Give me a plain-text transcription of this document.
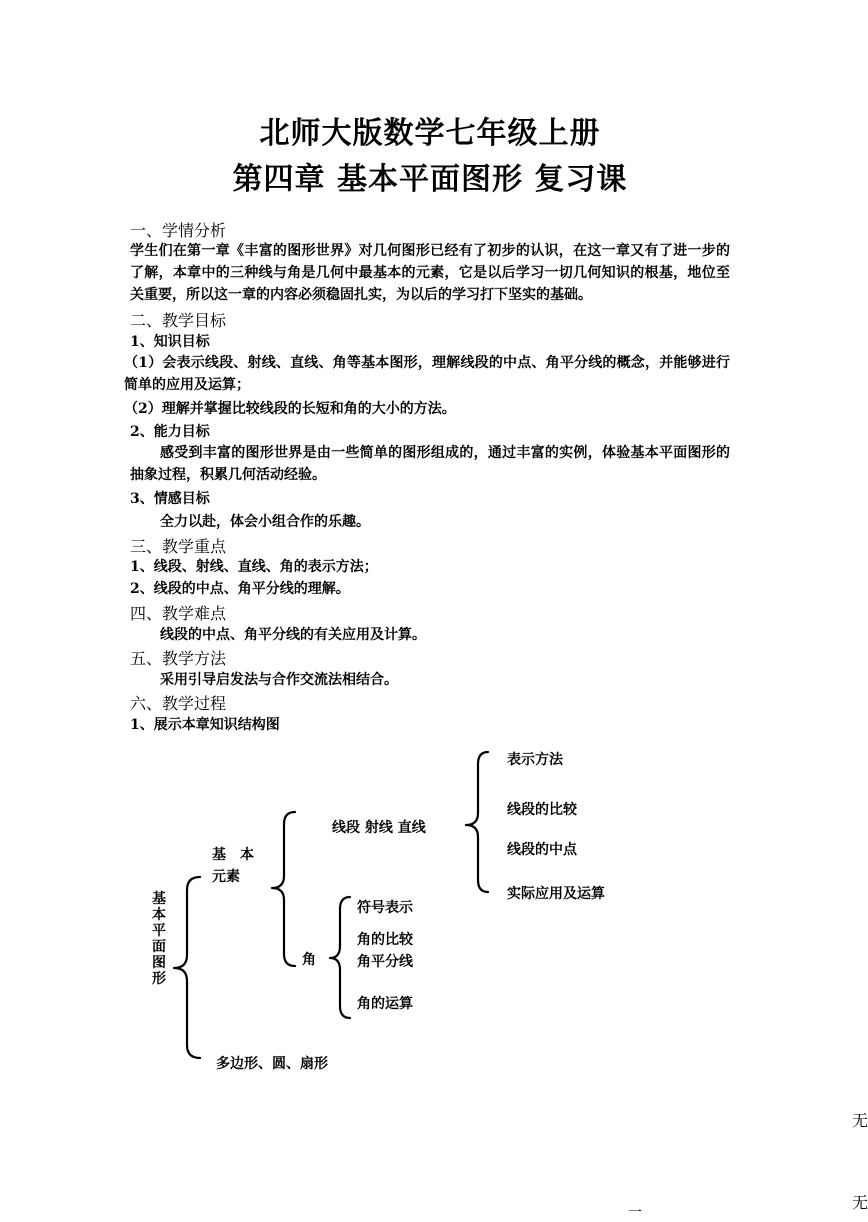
北师大版数学七年级上册
第四章 基本平面图形 复习课
一、学情分析
学生们在第一章《丰富的图形世界》对几何图形已经有了初步的认识，在这一章又有了进一步的了解，本章中的三种线与角是几何中最基本的元素，它是以后学习一切几何知识的根基，地位至关重要，所以这一章的内容必须稳固扎实，为以后的学习打下坚实的基础。
二、教学目标
1、知识目标
（1）会表示线段、射线、直线、角等基本图形，理解线段的中点、角平分线的概念，并能够进行简单的应用及运算；
（2）理解并掌握比较线段的长短和角的大小的方法。
2、能力目标
感受到丰富的图形世界是由一些简单的图形组成的，通过丰富的实例，体验基本平面图形的抽象过程，积累几何活动经验。
3、情感目标
全力以赴，体会小组合作的乐趣。
三、教学重点
1、线段、射线、直线、角的表示方法；
2、线段的中点、角平分线的理解。
四、教学难点
线段的中点、角平分线的有关应用及计算。
五、教学方法
采用引导启发法与合作交流法相结合。
六、教学过程
1、展示本章知识结构图
基本平面图形
基　本
元素
多边形、圆、扇形
线段 射线 直线
角
表示方法
线段的比较
线段的中点
实际应用及运算
符号表示
角的比较
角平分线
角的运算
无
无
一
